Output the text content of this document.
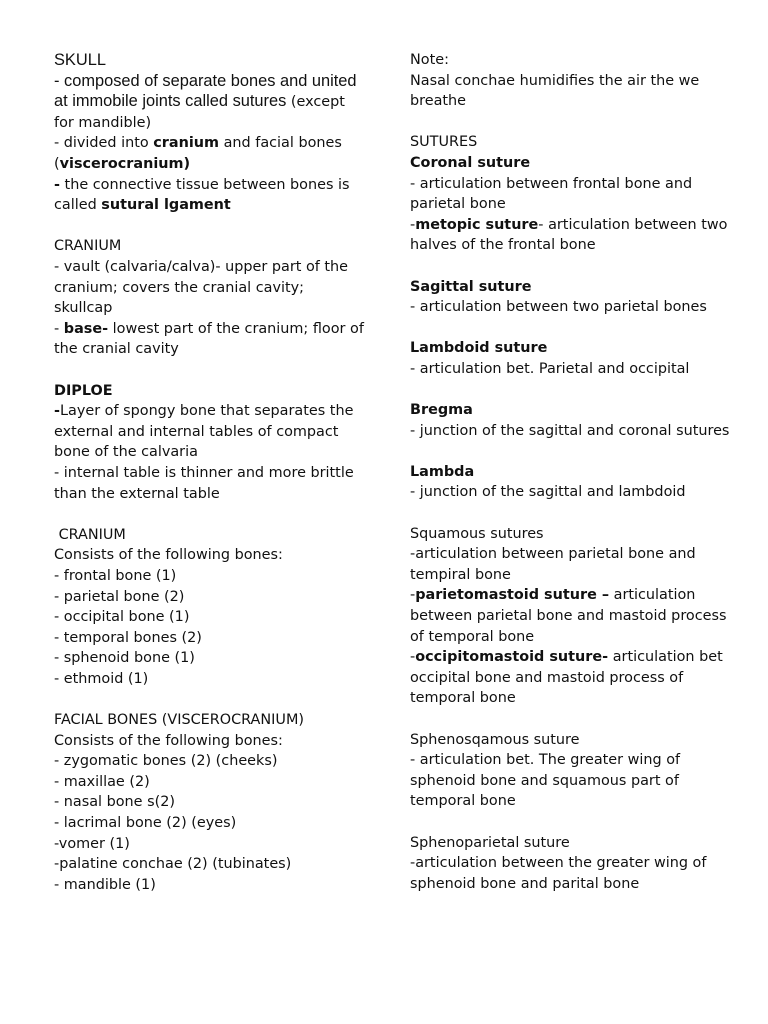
SKULL

- composed of separate bones and united at immobile joints called sutures (except for mandible)

- divided into cranium and facial bones

(viscerocranium)

- the connective tissue between bones is called sutural lgament

CRANIUM

- vault (calvaria/calva)- upper part of the cranium; covers the cranial cavity; skullcap

- base- lowest part of the cranium; floor of the cranial cavity

DIPLOE

-Layer of spongy bone that separates the external and internal tables of compact bone of the calvaria

- internal table is thinner and more brittle than the external table

CRANIUM

Consists of the following bones:

- frontal bone (1)

- parietal bone (2)

- occipital bone (1)

- temporal bones (2)

- sphenoid bone (1)

- ethmoid (1)

FACIAL BONES (VISCEROCRANIUM)

Consists of the following bones:

- zygomatic bones (2) (cheeks)

- maxillae (2)

- nasal bone s(2)

- lacrimal bone (2) (eyes)

-vomer (1)

-palatine conchae (2) (tubinates)

- mandible (1)

Note:

Nasal conchae humidifies the air the we breathe

SUTURES

Coronal suture

- articulation between frontal bone and parietal bone

-metopic suture- articulation between two halves of the frontal bone

Sagittal suture

- articulation between two parietal bones

Lambdoid suture

- articulation bet. Parietal and occipital

Bregma

- junction of the sagittal and coronal sutures

Lambda

- junction of the sagittal and lambdoid

Squamous sutures

-articulation between parietal bone and tempiral bone

-parietomastoid suture – articulation between parietal bone and mastoid process of temporal bone

-occipitomastoid suture- articulation bet occipital bone and mastoid process of temporal bone

Sphenosqamous suture

- articulation bet. The greater wing of sphenoid bone and squamous part of temporal bone

Sphenoparietal suture

-articulation between the greater wing of sphenoid bone and parital bone
